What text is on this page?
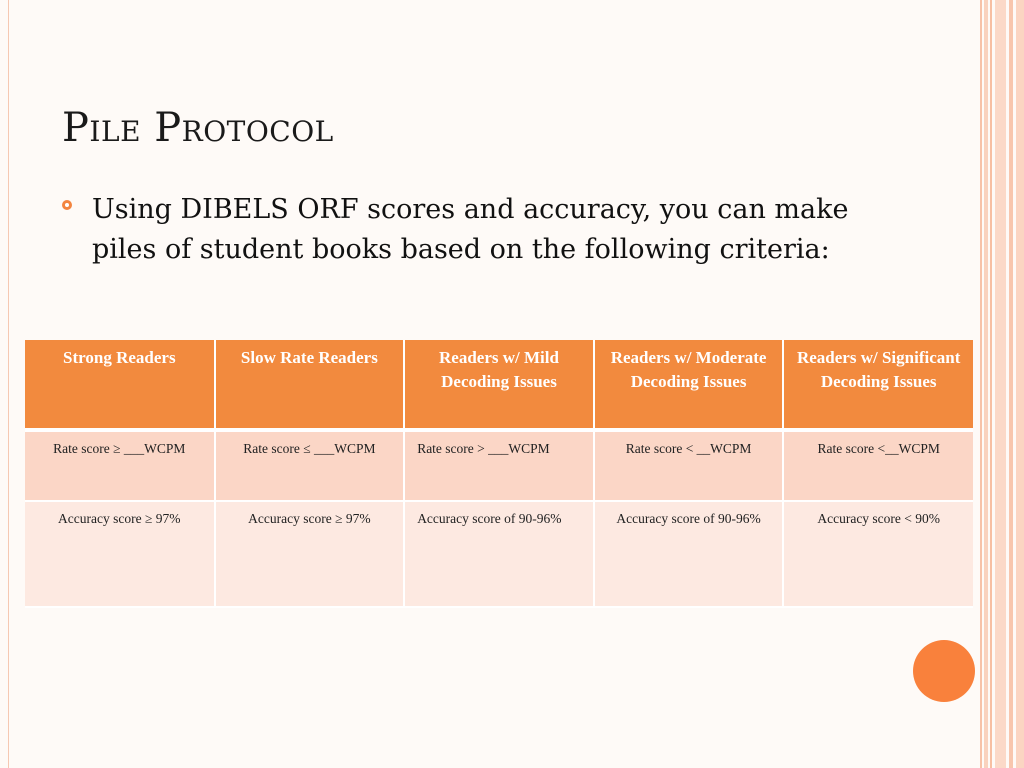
Pile Protocol
Using DIBELS ORF scores and accuracy, you can make piles of student books based on the following criteria:
Strong Readers	Slow Rate Readers	Readers w/ Mild Decoding Issues	Readers w/ Moderate Decoding Issues	Readers w/ Significant Decoding Issues
Rate score ≥ ___WCPM	Rate score ≤ ___WCPM	Rate score > ___WCPM	Rate score < __WCPM	Rate score <__WCPM
Accuracy score ≥ 97%	Accuracy score ≥ 97%	Accuracy score of 90-96%	Accuracy score of 90-96%	Accuracy score < 90%
